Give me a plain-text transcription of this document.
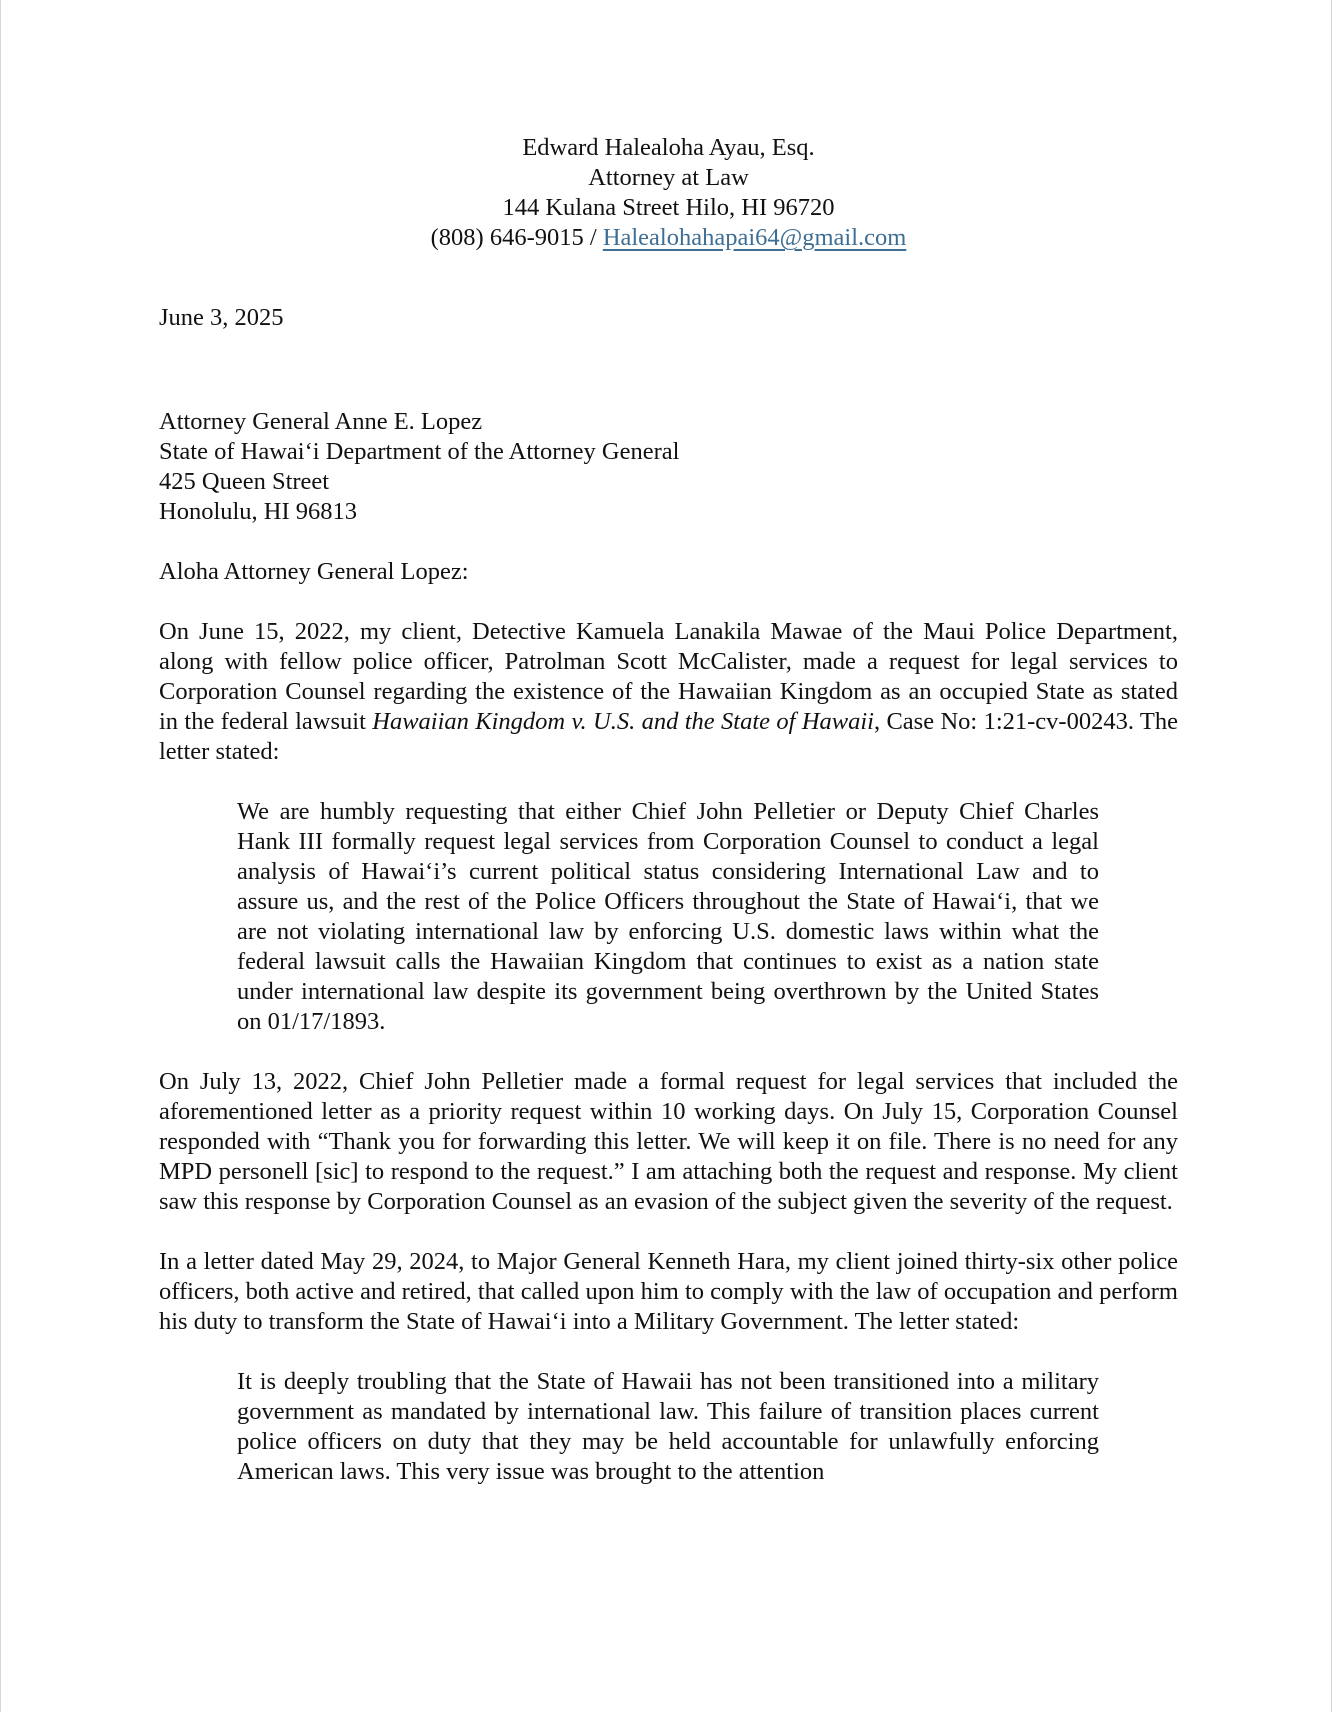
Edward Halealoha Ayau, Esq.
Attorney at Law
144 Kulana Street Hilo, HI 96720
(808) 646-9015 / Halealohahapai64@gmail.com
June 3, 2025
Attorney General Anne E. Lopez
State of Hawai‘i Department of the Attorney General
425 Queen Street
Honolulu, HI 96813
Aloha Attorney General Lopez:

On June 15, 2022, my client, Detective Kamuela Lanakila Mawae of the Maui Police Department, along with fellow police officer, Patrolman Scott McCalister, made a request for legal services to Corporation Counsel regarding the existence of the Hawaiian Kingdom as an occupied State as stated in the federal lawsuit Hawaiian Kingdom v. U.S. and the State of Hawaii, Case No: 1:21-cv-00243. The letter stated:

We are humbly requesting that either Chief John Pelletier or Deputy Chief Charles Hank III formally request legal services from Corporation Counsel to conduct a legal analysis of Hawai‘i’s current political status considering International Law and to assure us, and the rest of the Police Officers throughout the State of Hawai‘i, that we are not violating international law by enforcing U.S. domestic laws within what the federal lawsuit calls the Hawaiian Kingdom that continues to exist as a nation state under international law despite its government being overthrown by the United States on 01/17/1893.

On July 13, 2022, Chief John Pelletier made a formal request for legal services that included the aforementioned letter as a priority request within 10 working days. On July 15, Corporation Counsel responded with “Thank you for forwarding this letter. We will keep it on file. There is no need for any MPD personell [sic] to respond to the request.” I am attaching both the request and response. My client saw this response by Corporation Counsel as an evasion of the subject given the severity of the request.

In a letter dated May 29, 2024, to Major General Kenneth Hara, my client joined thirty-six other police officers, both active and retired, that called upon him to comply with the law of occupation and perform his duty to transform the State of Hawai‘i into a Military Government. The letter stated:

It is deeply troubling that the State of Hawaii has not been transitioned into a military government as mandated by international law. This failure of transition places current police officers on duty that they may be held accountable for unlawfully enforcing American laws. This very issue was brought to the attention
